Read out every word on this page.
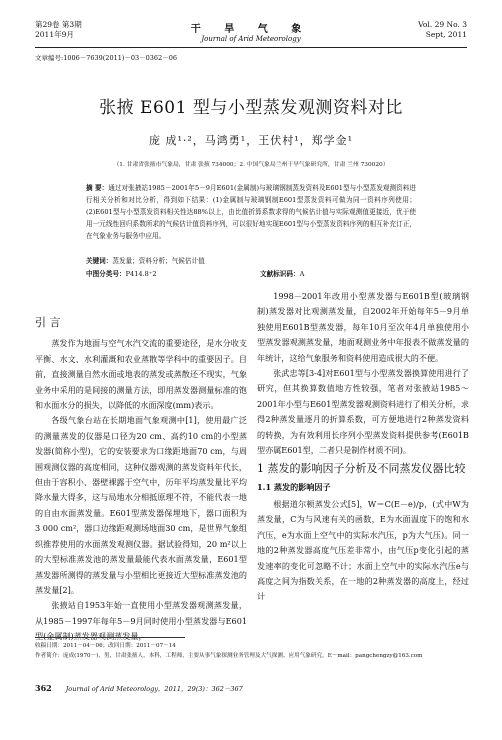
第29卷 第3期
2011年9月	干 旱 气 象
Journal of Arid Meteorology
Vol. 29 No. 3
Sept, 2011
文章编号:1006－7639(2011)－03－0362－06
张掖 E601 型与小型蒸发观测资料对比
庞 成¹·²，马鸿勇¹，王伏村¹，郑学金¹
（1. 甘肃省张掖市气象局，甘肃 张掖 734000；2. 中国气象局兰州干旱气象研究所，甘肃 兰州 730020）
摘 要：通过对张掖站1985－2001年5－9月E601(金属制)与玻璃钢制蒸发资料及E601型与小型蒸发观测资料进行相关分析和对比分析，得到如下结果：(1)金属制与玻璃钢制E601型蒸发资料可做为同一资料序列使用；(2)E601型与小型蒸发资料相关性达88%以上，由比值折算系数求得的气候估计值与实际观测值更接近，优于使用一元线性回归系数所求的气候估计值资料序列，可以很好地实现E601型与小型蒸发资料序列的相互补充订正，在气象业务与服务中应用。
关键词：蒸发量；资料分析；气候估计值
中图分类号：P414.8⁺2	文献标识码：A
引 言

蒸发作为地面与空气水汽交流的重要途径，是水分收支平衡、水文、水利灌溉和农业蒸散等学科中的重要因子。目前，直接测量自然水面或地表的蒸发或蒸散还不现实，气象业务中采用的是间接的测量方法，即用蒸发器测量标准的饱和水面水分的损失，以降低的水面深度(mm)表示。

各级气象台站在长期地面气象观测中[1]，使用最广泛的测量蒸发的仪器是口径为20 cm、高约10 cm的小型蒸发器(简称小型)，它的安装要求为口缘距地面70 cm，与周围观测仪器的高度相同，这种仪器观测的蒸发资料年代长，但由于容积小、器壁裸露于空气中，历年平均蒸发量比平均降水量大得多，这与局地水分相抵原理不符，不能代表一地的自由水面蒸发量。E601型蒸发器保埋地下，器口面积为3 000 cm²，器口边缘距观测场地面30 cm，是世界气象组织推荐使用的水面蒸发观测仪器。据试验得知，20 m²以上的大型标准蒸发池的蒸发量最能代表水面蒸发量，E601型蒸发器所测得的蒸发量与小型相比更接近大型标准蒸发池的蒸发量[2]。

张掖站自1953年始一直使用小型蒸发器观测蒸发量，从1985－1997年每年5－9月同时使用小型蒸发器与E601型(金属制)蒸发器观测蒸发量，

1998－2001年改用小型蒸发器与E601B型(玻璃钢制)蒸发器对比观测蒸发量，自2002年开始每年5－9月单独使用E601B型蒸发器，每年10月至次年4月单独使用小型蒸发器观测蒸发量，地面观测业务中年报表不做蒸发量的年统计，这给气象服务和资料使用造成很大的不便。

张武忠等[3-4]对E601型与小型蒸发器换算使用进行了研究，但其换算数值地方性较强，笔者对张掖站1985～2001年小型与E601型蒸发器观测资料进行了相关分析，求得2种蒸发量逐月的折算系数，可方便地进行2种蒸发资料的转换，为有效利用长序列小型蒸发资料提供参考(E601B型亦属E601型，二者只是制作材质不同)。

1 蒸发的影响因子分析及不同蒸发仪器比较
1.1 蒸发的影响因子

根据道尔顿蒸发公式[5]，W＝C(E－e)/p，(式中W为蒸发量，C为与风速有关的函数，E为水面温度下的饱和水汽压，e为水面上空气中的实际水汽压，p为大气压)。同一地的2种蒸发器高度气压差非常小，由气压p变化引起的蒸发速率的变化可忽略不计；水面上空气中的实际水汽压e与高度之间为指数关系，在一地的2种蒸发器的高度上，经过计

收稿日期：2011－04－06；改回日期：2011－07－14
作者简介：庞成(1970－)，男，甘肃张掖人，本科，工程师，主要从事气象探测业务管理及大气探测、应用气象研究。E－mail：pangchengzy@163.com
362 Journal of Arid Meteorology，2011，29(3)：362－367
